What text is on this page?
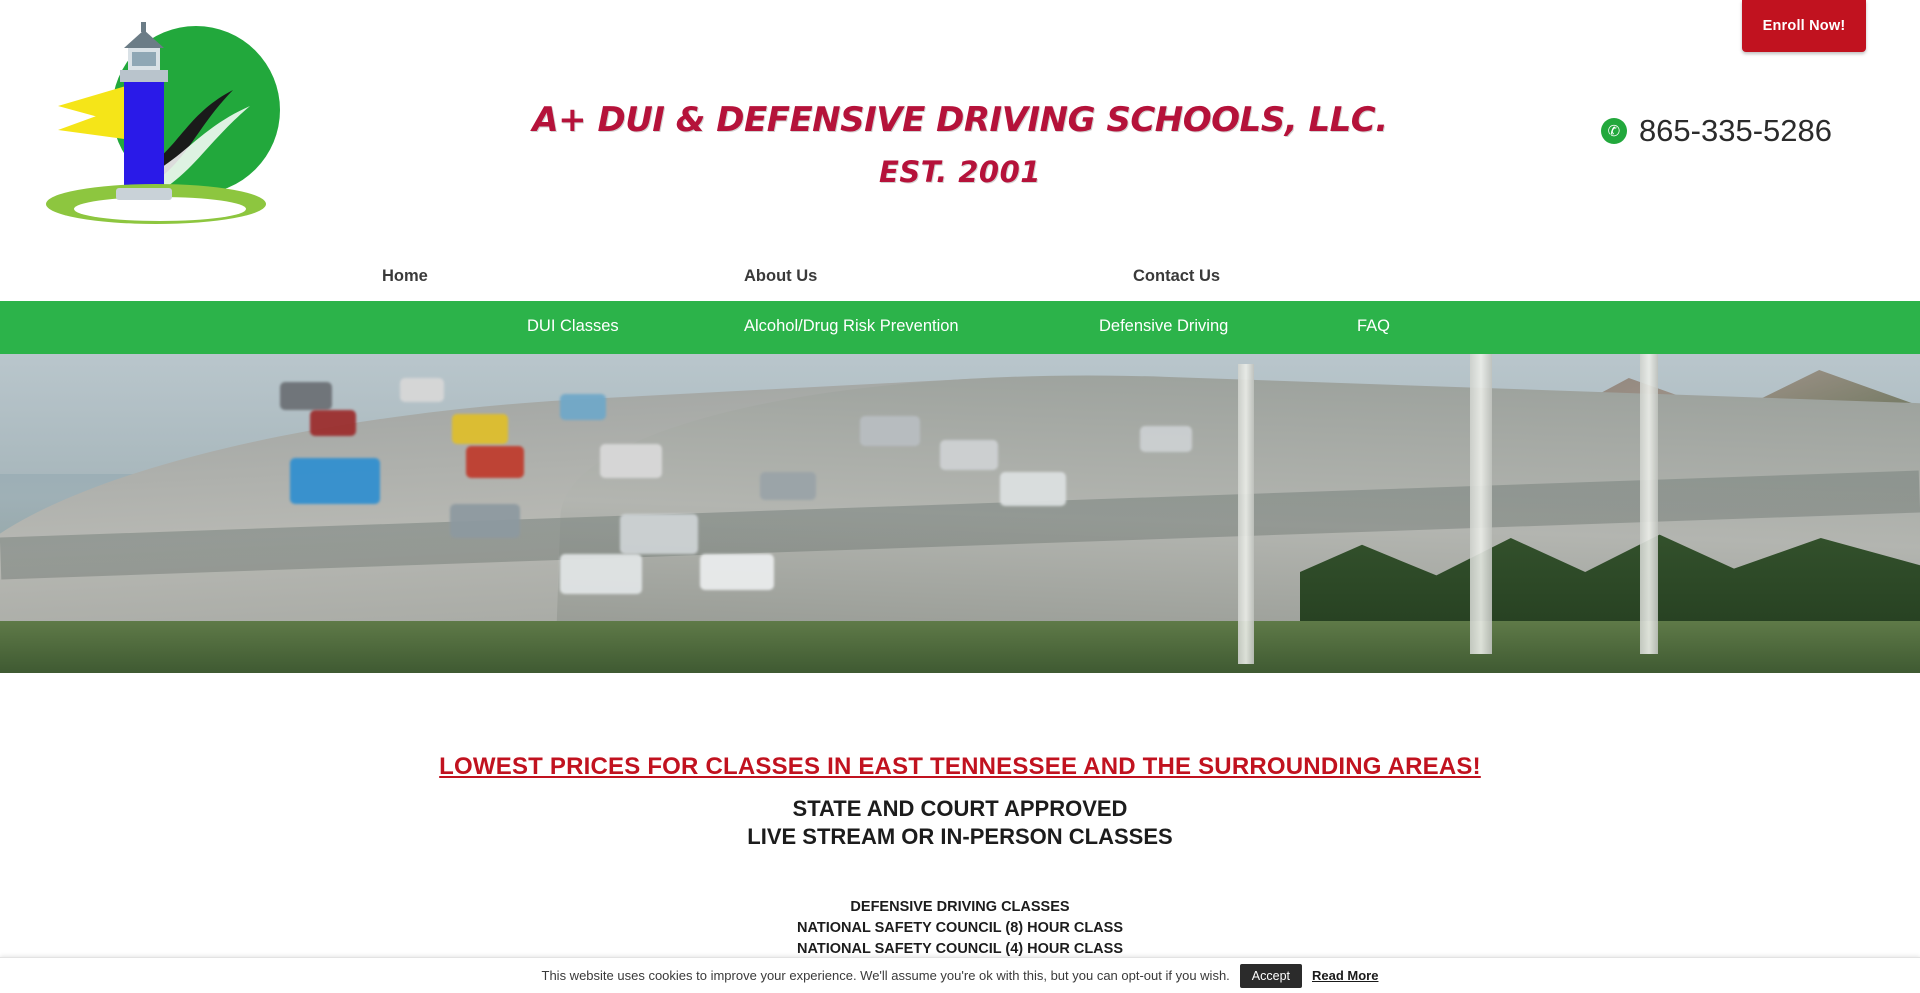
Enroll Now!
A+ DUI & DEFENSIVE DRIVING SCHOOLS, LLC.
EST. 2001
✆ 865-335-5286
Home	About Us	Contact Us
DUI Classes	Alcohol/Drug Risk Prevention	Defensive Driving	FAQ
LOWEST PRICES FOR CLASSES IN EAST TENNESSEE AND THE SURROUNDING AREAS!
STATE AND COURT APPROVED
LIVE STREAM OR IN-PERSON CLASSES
DEFENSIVE DRIVING CLASSES
NATIONAL SAFETY COUNCIL (8) HOUR CLASS
NATIONAL SAFETY COUNCIL (4) HOUR CLASS
This website uses cookies to improve your experience. We'll assume you're ok with this, but you can opt-out if you wish.	Accept	Read More
